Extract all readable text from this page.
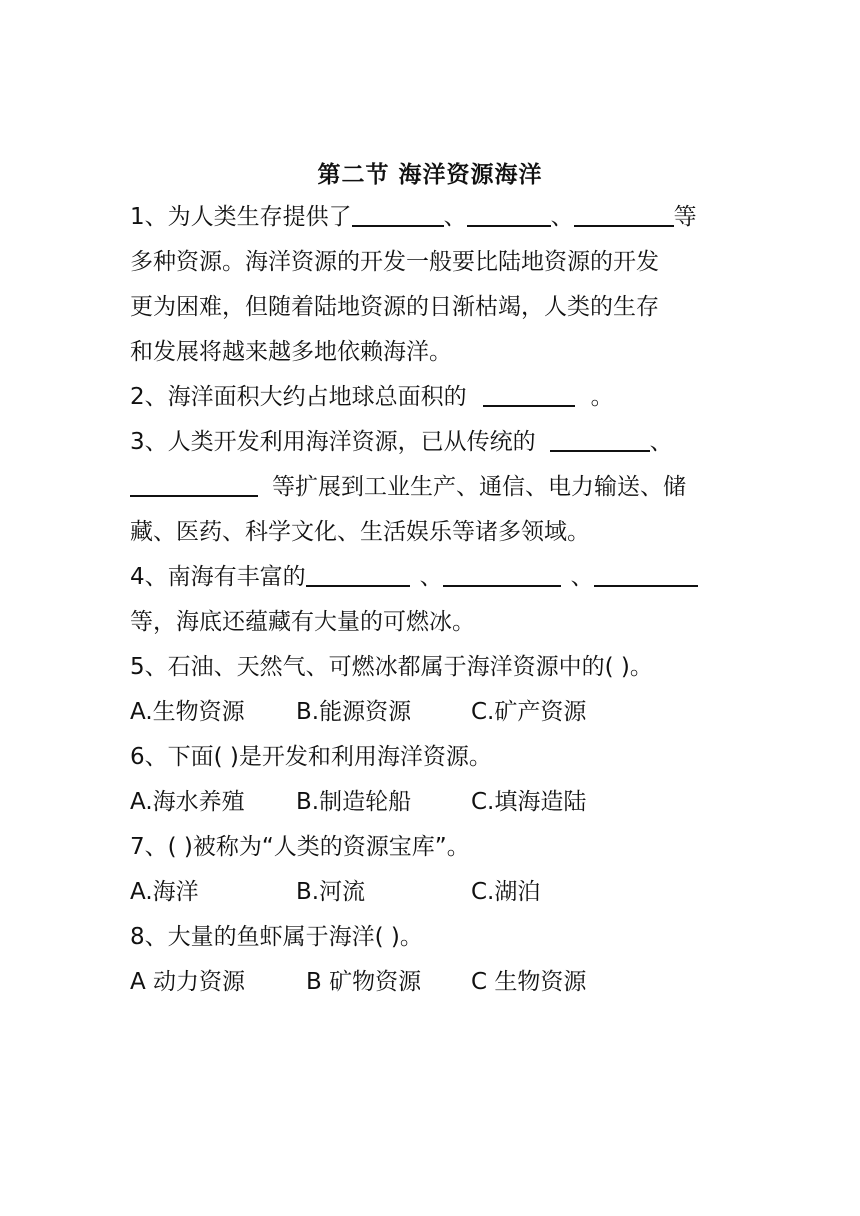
第二节 海洋资源海洋
1、为人类生存提供了	、	、	等
多种资源。海洋资源的开发一般要比陆地资源的开发
更为困难，但随着陆地资源的日渐枯竭，人类的生存
和发展将越来越多地依赖海洋。
2、海洋面积大约占地球总面积的	。
3、人类开发利用海洋资源，已从传统的	、
等扩展到工业生产、通信、电力输送、储
藏、医药、科学文化、生活娱乐等诸多领域。
4、南海有丰富的	、	、
等，海底还蕴藏有大量的可燃冰。
5、石油、天然气、可燃冰都属于海洋资源中的( )。
A.生物资源 B.能源资源	C.矿产资源
6、下面( )是开发和利用海洋资源。
A.海水养殖 B.制造轮船	C.填海造陆
7、( )被称为“人类的资源宝库”。
A.海洋	B.河流	C.湖泊
8、大量的鱼虾属于海洋( )。
A 动力资源	B 矿物资源 C 生物资源
